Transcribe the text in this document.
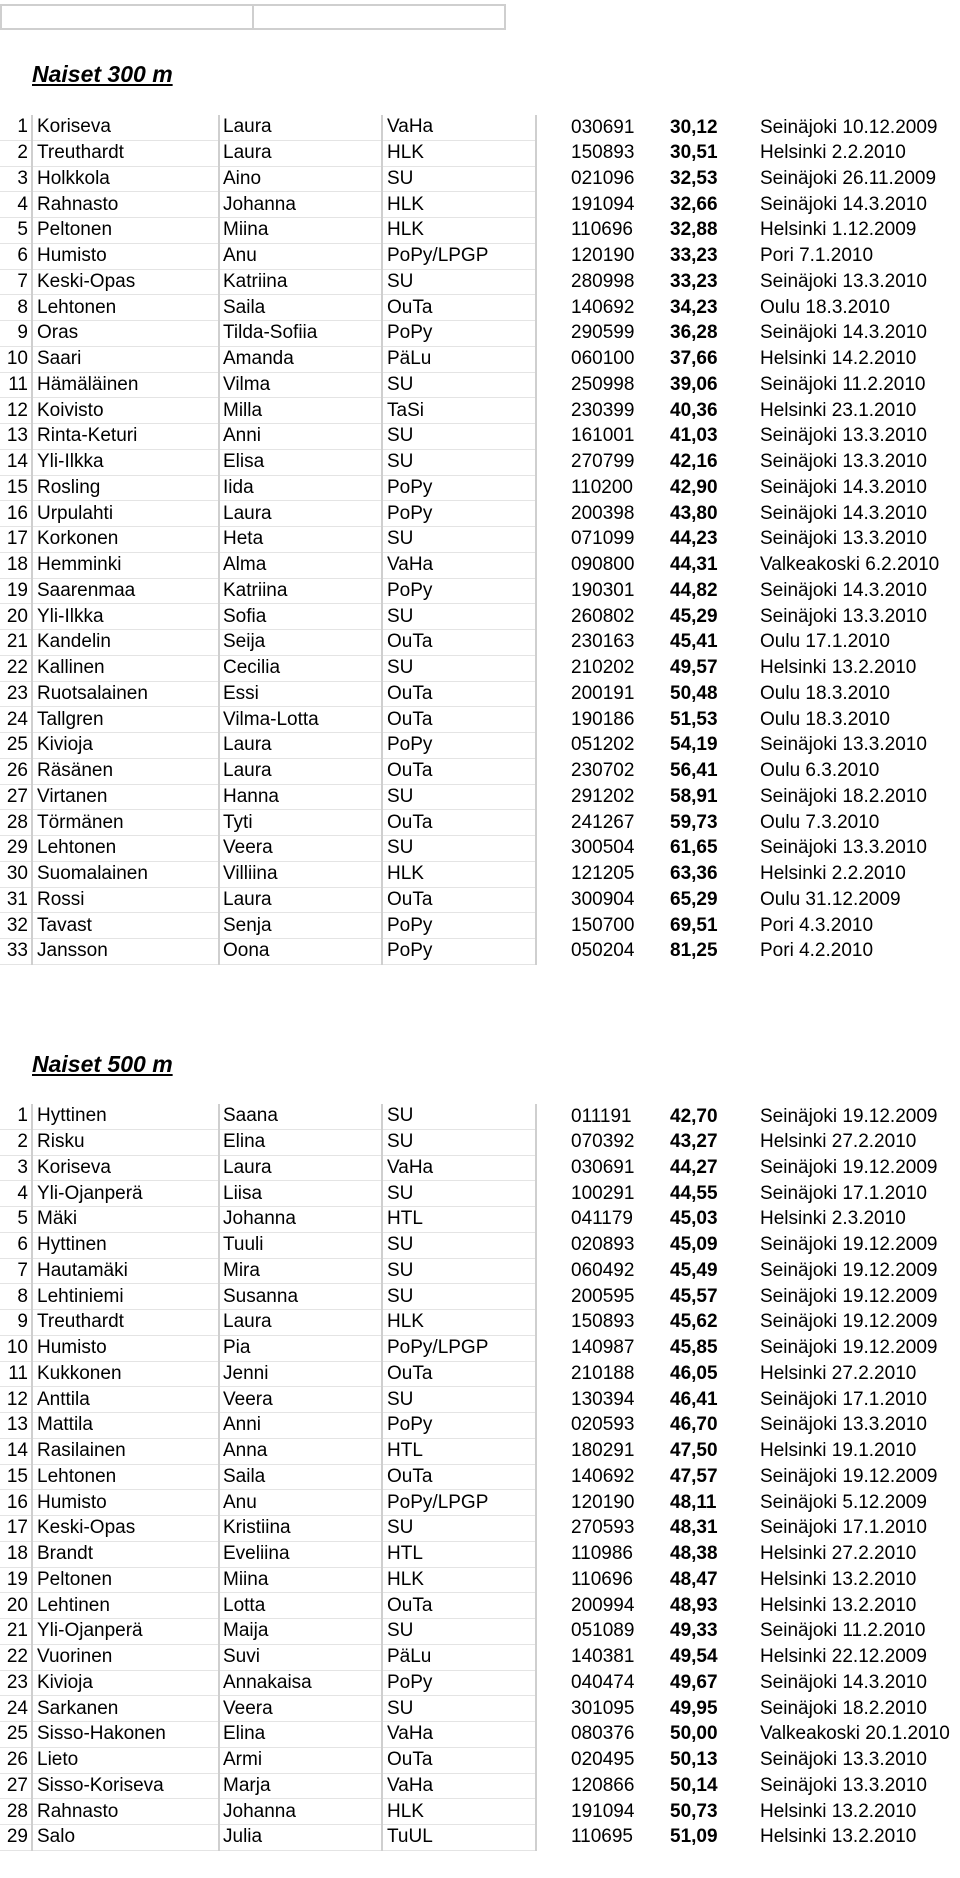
Naiset 300 m
1	Koriseva	Laura	VaHa	030691	30,12	Seinäjoki 10.12.2009
2	Treuthardt	Laura	HLK	150893	30,51	Helsinki 2.2.2010
3	Holkkola	Aino	SU	021096	32,53	Seinäjoki 26.11.2009
4	Rahnasto	Johanna	HLK	191094	32,66	Seinäjoki 14.3.2010
5	Peltonen	Miina	HLK	110696	32,88	Helsinki 1.12.2009
6	Humisto	Anu	PoPy/LPGP	120190	33,23	Pori 7.1.2010
7	Keski-Opas	Katriina	SU	280998	33,23	Seinäjoki 13.3.2010
8	Lehtonen	Saila	OuTa	140692	34,23	Oulu 18.3.2010
9	Oras	Tilda-Sofiia	PoPy	290599	36,28	Seinäjoki 14.3.2010
10	Saari	Amanda	PäLu	060100	37,66	Helsinki 14.2.2010
11	Hämäläinen	Vilma	SU	250998	39,06	Seinäjoki 11.2.2010
12	Koivisto	Milla	TaSi	230399	40,36	Helsinki 23.1.2010
13	Rinta-Keturi	Anni	SU	161001	41,03	Seinäjoki 13.3.2010
14	Yli-Ilkka	Elisa	SU	270799	42,16	Seinäjoki 13.3.2010
15	Rosling	Iida	PoPy	110200	42,90	Seinäjoki 14.3.2010
16	Urpulahti	Laura	PoPy	200398	43,80	Seinäjoki 14.3.2010
17	Korkonen	Heta	SU	071099	44,23	Seinäjoki 13.3.2010
18	Hemminki	Alma	VaHa	090800	44,31	Valkeakoski 6.2.2010
19	Saarenmaa	Katriina	PoPy	190301	44,82	Seinäjoki 14.3.2010
20	Yli-Ilkka	Sofia	SU	260802	45,29	Seinäjoki 13.3.2010
21	Kandelin	Seija	OuTa	230163	45,41	Oulu 17.1.2010
22	Kallinen	Cecilia	SU	210202	49,57	Helsinki 13.2.2010
23	Ruotsalainen	Essi	OuTa	200191	50,48	Oulu 18.3.2010
24	Tallgren	Vilma-Lotta	OuTa	190186	51,53	Oulu 18.3.2010
25	Kivioja	Laura	PoPy	051202	54,19	Seinäjoki 13.3.2010
26	Räsänen	Laura	OuTa	230702	56,41	Oulu 6.3.2010
27	Virtanen	Hanna	SU	291202	58,91	Seinäjoki 18.2.2010
28	Törmänen	Tyti	OuTa	241267	59,73	Oulu 7.3.2010
29	Lehtonen	Veera	SU	300504	61,65	Seinäjoki 13.3.2010
30	Suomalainen	Villiina	HLK	121205	63,36	Helsinki 2.2.2010
31	Rossi	Laura	OuTa	300904	65,29	Oulu 31.12.2009
32	Tavast	Senja	PoPy	150700	69,51	Pori 4.3.2010
33	Jansson	Oona	PoPy	050204	81,25	Pori 4.2.2010
Naiset 500 m
1	Hyttinen	Saana	SU	011191	42,70	Seinäjoki 19.12.2009
2	Risku	Elina	SU	070392	43,27	Helsinki 27.2.2010
3	Koriseva	Laura	VaHa	030691	44,27	Seinäjoki 19.12.2009
4	Yli-Ojanperä	Liisa	SU	100291	44,55	Seinäjoki 17.1.2010
5	Mäki	Johanna	HTL	041179	45,03	Helsinki 2.3.2010
6	Hyttinen	Tuuli	SU	020893	45,09	Seinäjoki 19.12.2009
7	Hautamäki	Mira	SU	060492	45,49	Seinäjoki 19.12.2009
8	Lehtiniemi	Susanna	SU	200595	45,57	Seinäjoki 19.12.2009
9	Treuthardt	Laura	HLK	150893	45,62	Seinäjoki 19.12.2009
10	Humisto	Pia	PoPy/LPGP	140987	45,85	Seinäjoki 19.12.2009
11	Kukkonen	Jenni	OuTa	210188	46,05	Helsinki 27.2.2010
12	Anttila	Veera	SU	130394	46,41	Seinäjoki 17.1.2010
13	Mattila	Anni	PoPy	020593	46,70	Seinäjoki 13.3.2010
14	Rasilainen	Anna	HTL	180291	47,50	Helsinki 19.1.2010
15	Lehtonen	Saila	OuTa	140692	47,57	Seinäjoki 19.12.2009
16	Humisto	Anu	PoPy/LPGP	120190	48,11	Seinäjoki 5.12.2009
17	Keski-Opas	Kristiina	SU	270593	48,31	Seinäjoki 17.1.2010
18	Brandt	Eveliina	HTL	110986	48,38	Helsinki 27.2.2010
19	Peltonen	Miina	HLK	110696	48,47	Helsinki 13.2.2010
20	Lehtinen	Lotta	OuTa	200994	48,93	Helsinki 13.2.2010
21	Yli-Ojanperä	Maija	SU	051089	49,33	Seinäjoki 11.2.2010
22	Vuorinen	Suvi	PäLu	140381	49,54	Helsinki 22.12.2009
23	Kivioja	Annakaisa	PoPy	040474	49,67	Seinäjoki 14.3.2010
24	Sarkanen	Veera	SU	301095	49,95	Seinäjoki 18.2.2010
25	Sisso-Hakonen	Elina	VaHa	080376	50,00	Valkeakoski 20.1.2010
26	Lieto	Armi	OuTa	020495	50,13	Seinäjoki 13.3.2010
27	Sisso-Koriseva	Marja	VaHa	120866	50,14	Seinäjoki 13.3.2010
28	Rahnasto	Johanna	HLK	191094	50,73	Helsinki 13.2.2010
29	Salo	Julia	TuUL	110695	51,09	Helsinki 13.2.2010
